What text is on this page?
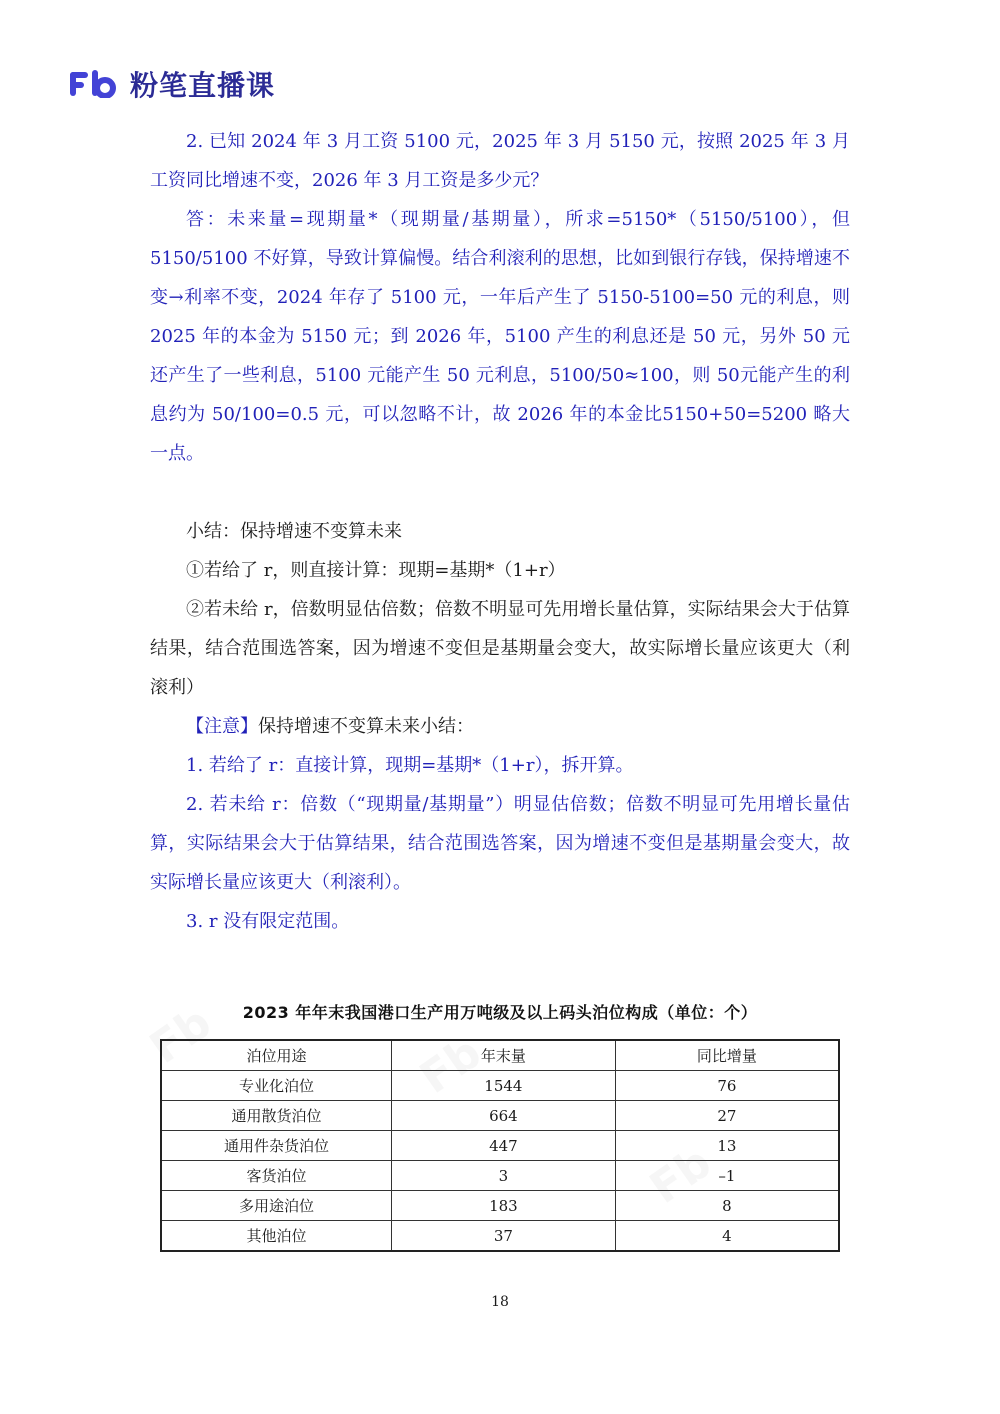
粉笔直播课

2. 已知 2024 年 3 月工资 5100 元，2025 年 3 月 5150 元，按照 2025 年 3 月工资同比增速不变，2026 年 3 月工资是多少元？

答：未来量=现期量*（现期量/基期量），所求=5150*（5150/5100），但5150/5100 不好算，导致计算偏慢。结合利滚利的思想，比如到银行存钱，保持增速不变→利率不变，2024 年存了 5100 元，一年后产生了 5150-5100=50 元的利息，则 2025 年的本金为 5150 元；到 2026 年，5100 产生的利息还是 50 元，另外 50 元还产生了一些利息，5100 元能产生 50 元利息，5100/50≈100，则 50元能产生的利息约为 50/100=0.5 元，可以忽略不计，故 2026 年的本金比5150+50=5200 略大一点。

小结：保持增速不变算未来

①若给了 r，则直接计算：现期=基期*（1+r）

②若未给 r，倍数明显估倍数；倍数不明显可先用增长量估算，实际结果会大于估算结果，结合范围选答案，因为增速不变但是基期量会变大，故实际增长量应该更大（利滚利）

【注意】保持增速不变算未来小结：

1. 若给了 r：直接计算，现期=基期*（1+r），拆开算。

2. 若未给 r：倍数（“现期量/基期量”）明显估倍数；倍数不明显可先用增长量估算，实际结果会大于估算结果，结合范围选答案，因为增速不变但是基期量会变大，故实际增长量应该更大（利滚利）。

3. r 没有限定范围。

2023 年年末我国港口生产用万吨级及以上码头泊位构成（单位：个）
泊位用途	年末量	同比增量
专业化泊位	1544	76
通用散货泊位	664	27
通用件杂货泊位	447	13
客货泊位	3	–1
多用途泊位	183	8
其他泊位	37	4
18
